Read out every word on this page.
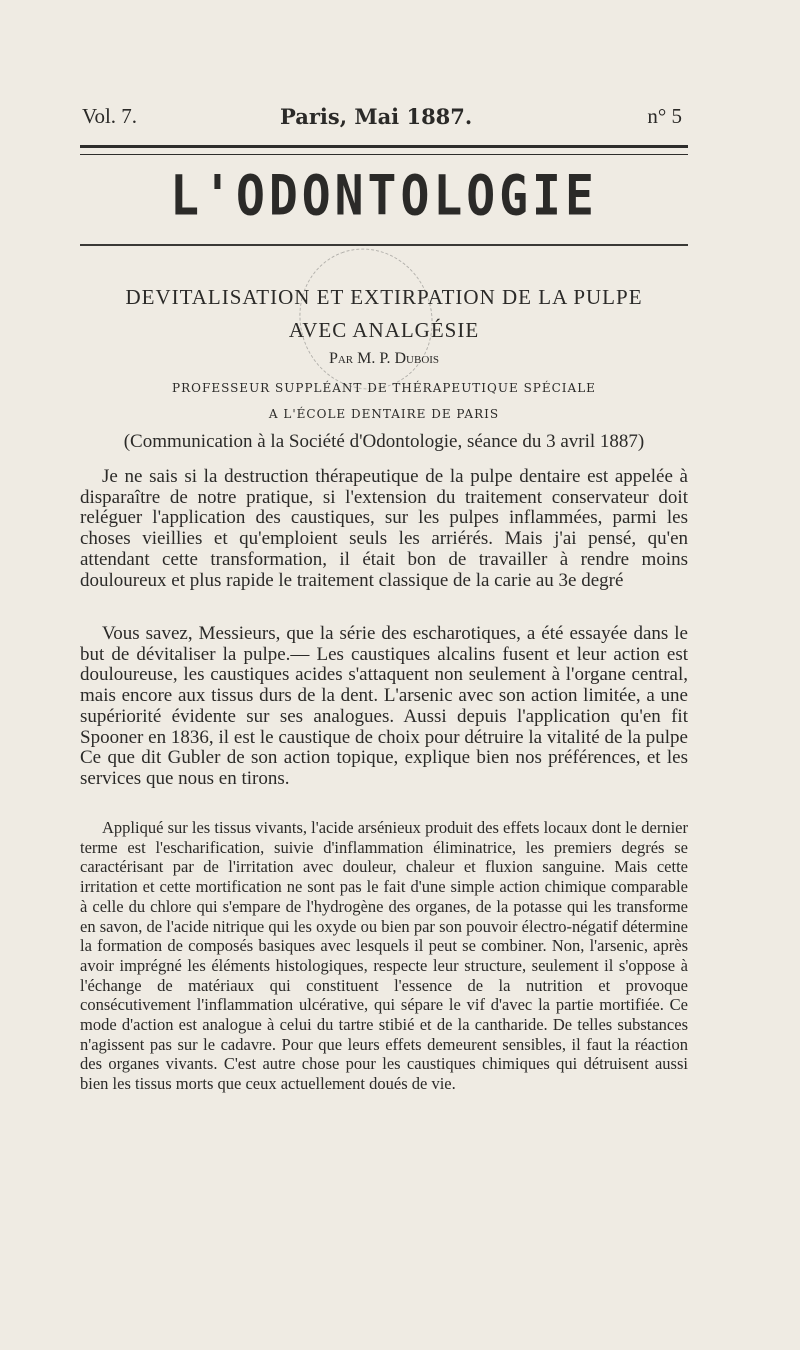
Vol. 7.	Paris, Mai 1887.	n° 5
L'ODONTOLOGIE
DEVITALISATION ET EXTIRPATION DE LA PULPE
AVEC ANALGÉSIE
Par M. P. Dubois
PROFESSEUR SUPPLÉANT DE THÉRAPEUTIQUE SPÉCIALE
A L'ÉCOLE DENTAIRE DE PARIS
(Communication à la Société d'Odontologie, séance du 3 avril 1887)

Je ne sais si la destruction thérapeutique de la pulpe dentaire est appelée à disparaître de notre pratique, si l'extension du traitement conservateur doit reléguer l'application des caustiques, sur les pulpes inflammées, parmi les choses vieillies et qu'emploient seuls les arriérés. Mais j'ai pensé, qu'en attendant cette transformation, il était bon de travailler à rendre moins douloureux et plus rapide le traitement classique de la carie au 3e degré

Vous savez, Messieurs, que la série des escharotiques, a été essayée dans le but de dévitaliser la pulpe.— Les caustiques alcalins fusent et leur action est douloureuse, les caustiques acides s'attaquent non seulement à l'organe central, mais encore aux tissus durs de la dent. L'arsenic avec son action limitée, a une supériorité évidente sur ses analogues. Aussi depuis l'application qu'en fit Spooner en 1836, il est le caustique de choix pour détruire la vitalité de la pulpe Ce que dit Gubler de son action topique, explique bien nos préférences, et les services que nous en tirons.

Appliqué sur les tissus vivants, l'acide arsénieux produit des effets locaux dont le dernier terme est l'escharification, suivie d'inflammation éliminatrice, les premiers degrés se caractérisant par de l'irritation avec douleur, chaleur et fluxion sanguine. Mais cette irritation et cette mortification ne sont pas le fait d'une simple action chimique comparable à celle du chlore qui s'empare de l'hydrogène des organes, de la potasse qui les transforme en savon, de l'acide nitrique qui les oxyde ou bien par son pouvoir électro-négatif détermine la formation de composés basiques avec lesquels il peut se combiner. Non, l'arsenic, après avoir imprégné les éléments histologiques, respecte leur structure, seulement il s'oppose à l'échange de matériaux qui constituent l'essence de la nutrition et provoque consécutivement l'inflammation ulcérative, qui sépare le vif d'avec la partie mortifiée. Ce mode d'action est analogue à celui du tartre stibié et de la cantharide. De telles substances n'agissent pas sur le cadavre. Pour que leurs effets demeurent sensibles, il faut la réaction des organes vivants. C'est autre chose pour les caustiques chimiques qui détruisent aussi bien les tissus morts que ceux actuellement doués de vie.
